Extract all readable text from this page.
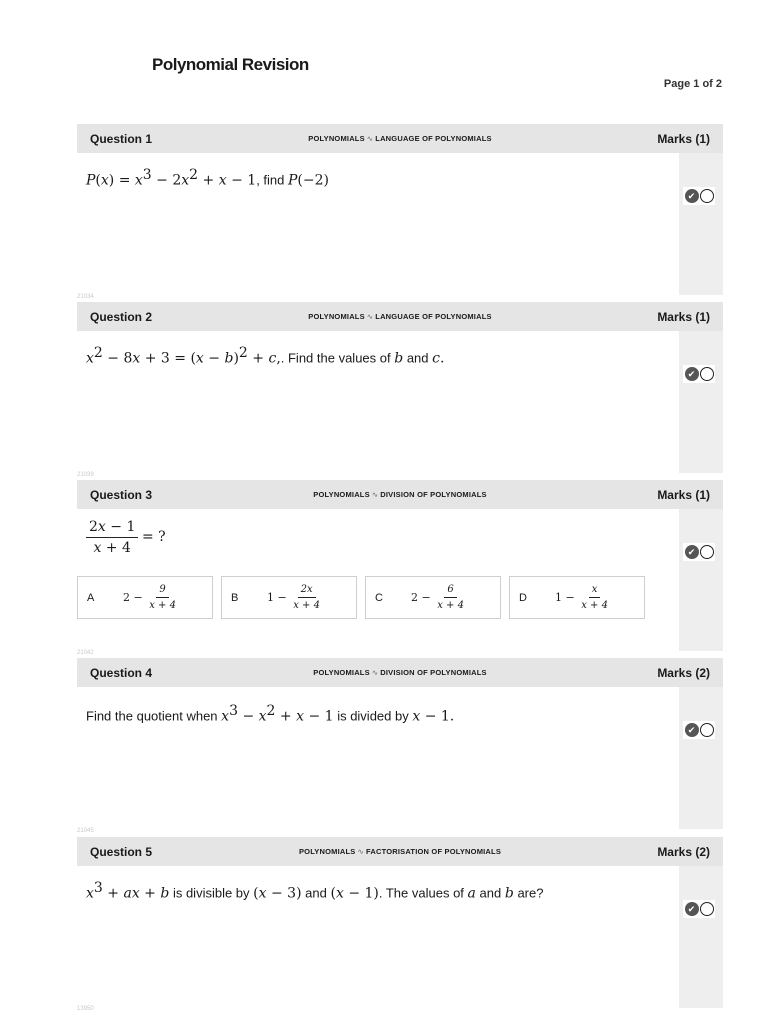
Polynomial Revision
Page 1 of 2
Question 1	POLYNOMIALS ∿ LANGUAGE OF POLYNOMIALS	Marks (1)
✔
$P(x) = x^3 - 2x^2 + x - 1$, find P(−2)
21034
Question 2	POLYNOMIALS ∿ LANGUAGE OF POLYNOMIALS	Marks (1)
✔
$x^2 - 8x + 3 = (x - b)^2 + c$,. Find the values of b and c.
21039
Question 3	POLYNOMIALS ∿ DIVISION OF POLYNOMIALS	Marks (1)
✔
$\frac{2x - 1}{x + 4}$ = ?
A	2 −
$\frac{9}{x + 4}$	B	1 −
$\frac{2x}{x + 4}$	C	2 −
$\frac{6}{x + 4}$	D	1 −
$\frac{x}{x + 4}$
21042
Question 4	POLYNOMIALS ∿ DIVISION OF POLYNOMIALS	Marks (2)
✔
Find the quotient when $x^3 - x^2 + x - 1$ is divided by x − 1.
21045
Question 5	POLYNOMIALS ∿ FACTORISATION OF POLYNOMIALS	Marks (2)
✔
$x^3$ + ax + b is divisible by (x − 3) and (x − 1). The values of a and b are?
13950
